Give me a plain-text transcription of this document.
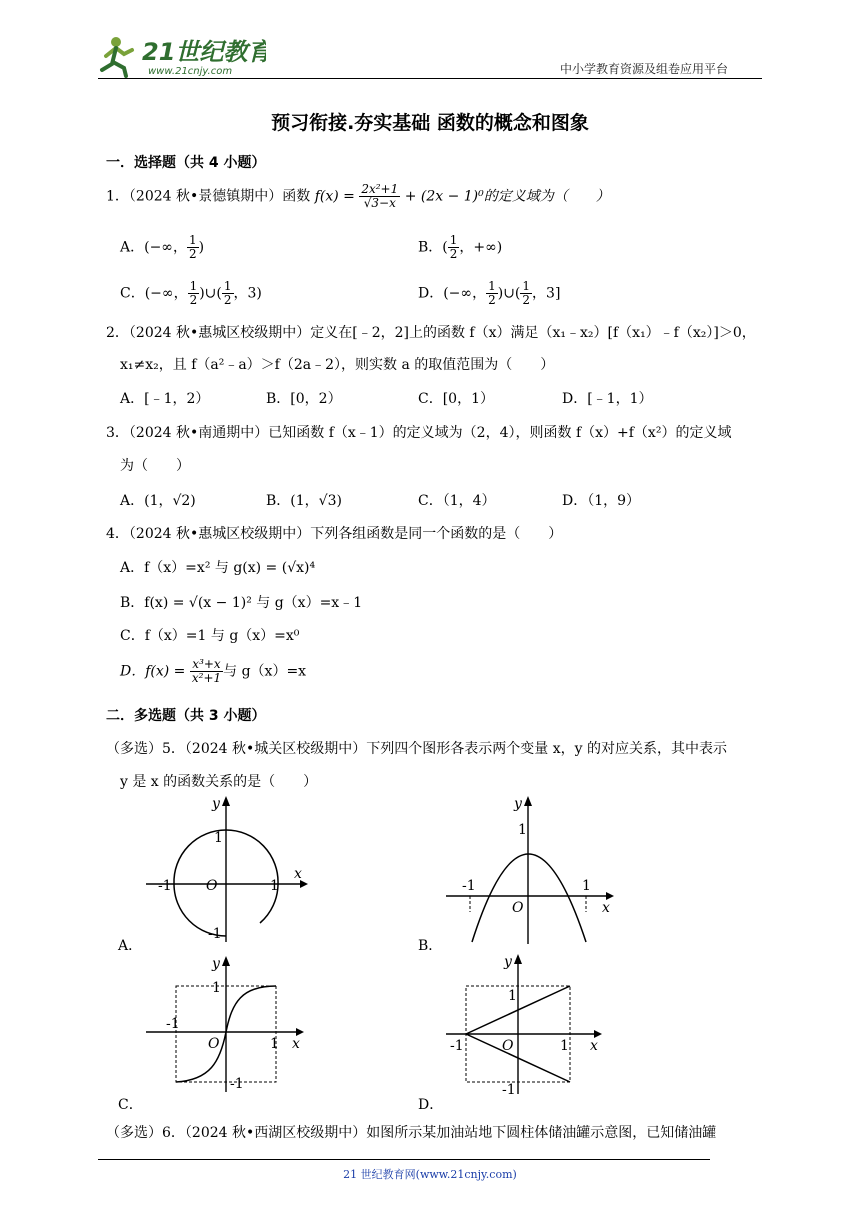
21世纪教育
www.21cnjy.com	中小学教育资源及组卷应用平台
预习衔接.夯实基础 函数的概念和图象
一．选择题（共 4 小题）
1．（2024 秋•景德镇期中）函数 $f(x) = \frac{\text{2x²+1}}{√3-x} + (2x - 1)^0$的定义域为（　　）
A．(−∞， $\frac{1}{2}$ )	B．( $\frac{1}{2}$ ，+∞)
C．(−∞， $\frac{1}{2}$ )∪( $\frac{1}{2}$ ，3)	D．(−∞， $\frac{1}{2}$ )∪( $\frac{1}{2}$ ，3]
2．（2024 秋•惠城区校级期中）定义在[﹣2，2]上的函数 f（x）满足（x₁﹣x₂）[f（x₁）﹣f（x₂）]＞0，
x₁≠x₂，且 f（a²﹣a）＞f（2a﹣2），则实数 a 的取值范围为（　　）
A．[﹣1，2）	B．[0，2）	C．[0，1）	D．[﹣1，1）
3．（2024 秋•南通期中）已知函数 f（x﹣1）的定义域为（2，4），则函数 f（x）+f（x²）的定义域
为（　　）
A．(1，√2)	B．(1，√3)	C．（1，4）	D．（1，9）
4．（2024 秋•惠城区校级期中）下列各组函数是同一个函数的是（　　）
A．f（x）=x² 与 g(x) = (√x)⁴
B．f(x) = √(x − 1)² 与 g（x）=x﹣1
C．f（x）=1 与 g（x）=x⁰
D．$f(x) = \frac{\text{x³+x}}{\text{x²+1}}$ 与 g（x）=x
二．多选题（共 3 小题）
（多选）5．（2024 秋•城关区校级期中）下列四个图形各表示两个变量 x，y 的对应关系，其中表示
y 是 x 的函数关系的是（　　）
y
x
1
-1 O	1
-1
A．
y
x
1
-1
O
1
B．
y
x
1
-1
O	1
-1
C．
y
x
1
-1	O	1
-1
D．
（多选）6．（2024 秋•西湖区校级期中）如图所示某加油站地下圆柱体储油罐示意图，已知储油罐
21 世纪教育网(www.21cnjy.com)
